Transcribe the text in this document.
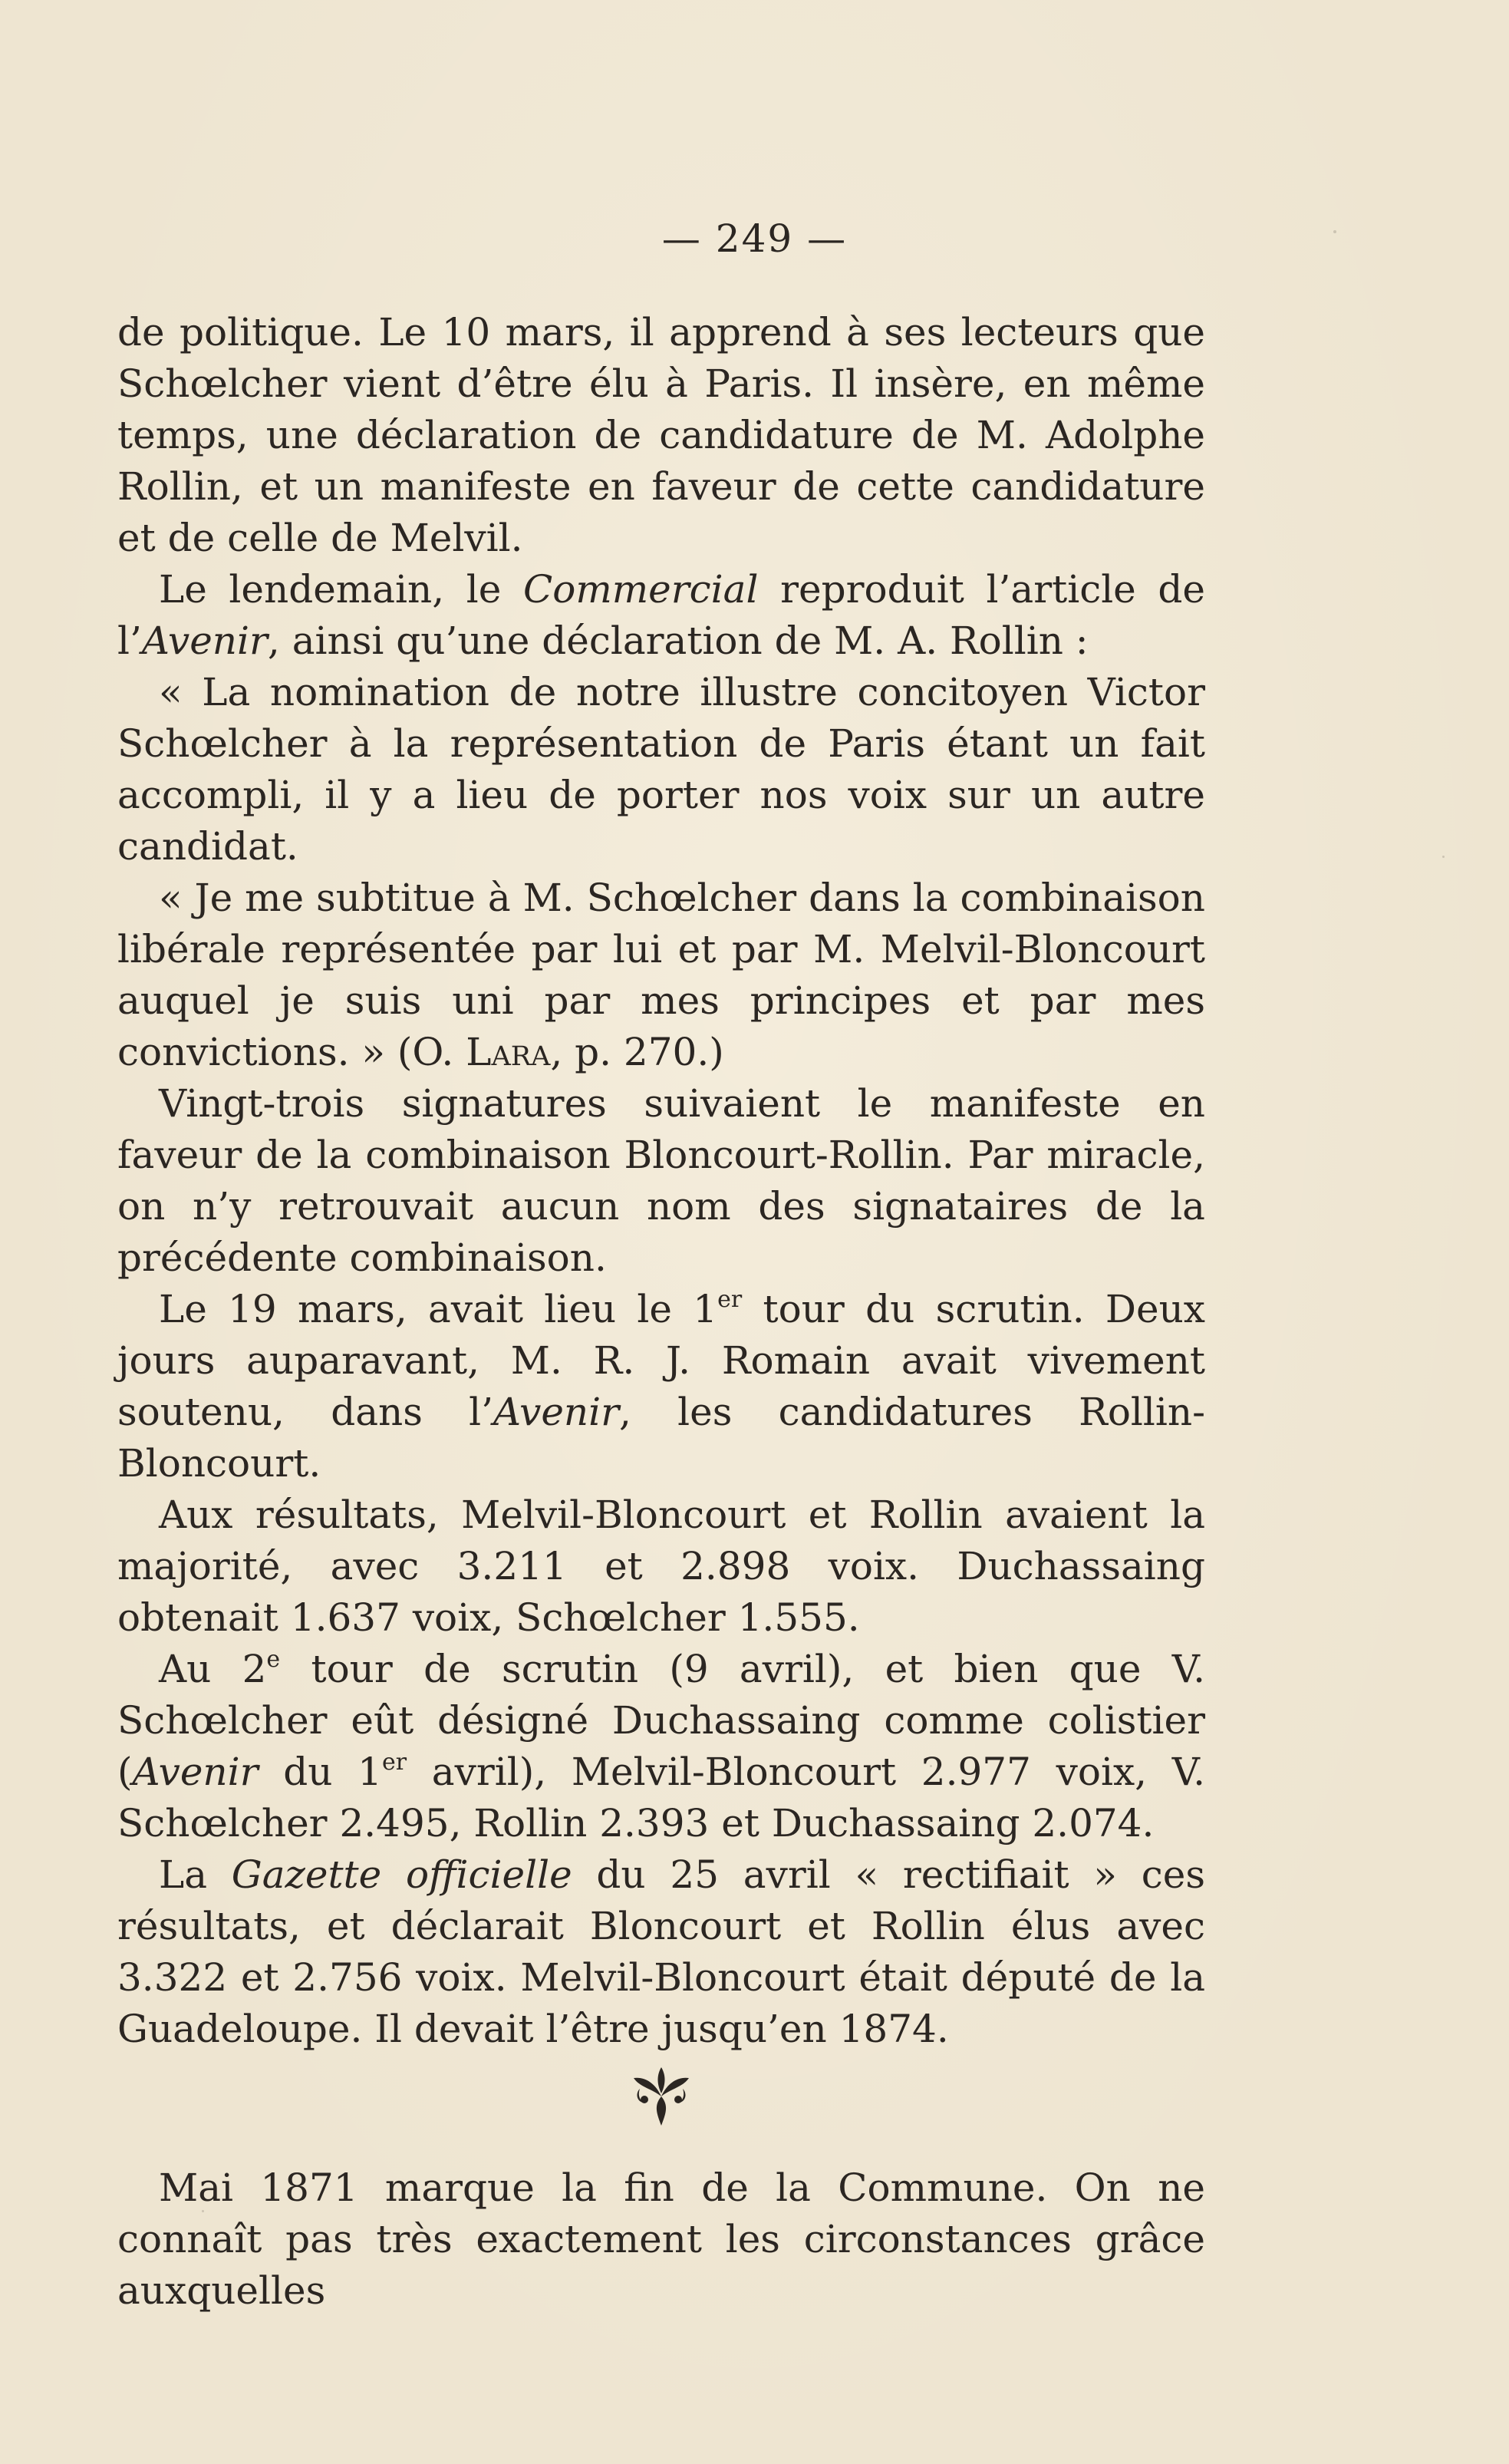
— 249 —

de politique. Le 10 mars, il apprend à ses lecteurs que Schœlcher vient d’être élu à Paris. Il insère, en même temps, une déclaration de candidature de M. Adolphe Rollin, et un manifeste en faveur de cette candidature et de celle de Melvil.

Le lendemain, le Commercial reproduit l’article de l’Avenir, ainsi qu’une déclaration de M. A. Rollin :

« La nomination de notre illustre concitoyen Victor Schœlcher à la représentation de Paris étant un fait accompli, il y a lieu de porter nos voix sur un autre candidat.

« Je me subtitue à M. Schœlcher dans la combinaison libérale représentée par lui et par M. Melvil-Bloncourt auquel je suis uni par mes principes et par mes convictions. » (O. Lara, p. 270.)

Vingt-trois signatures suivaient le manifeste en faveur de la combinaison Bloncourt-Rollin. Par miracle, on n’y retrouvait aucun nom des signataires de la précédente combinaison.

Le 19 mars, avait lieu le 1er tour du scrutin. Deux jours auparavant, M. R. J. Romain avait vivement soutenu, dans l’Avenir, les candidatures Rollin-Bloncourt.

Aux résultats, Melvil-Bloncourt et Rollin avaient la majorité, avec 3.211 et 2.898 voix. Duchassaing obtenait 1.637 voix, Schœlcher 1.555.

Au 2e tour de scrutin (9 avril), et bien que V. Schœlcher eût désigné Duchassaing comme colistier (Avenir du 1er avril), Melvil-Bloncourt 2.977 voix, V. Schœlcher 2.495, Rollin 2.393 et Duchassaing 2.074.

La Gazette officielle du 25 avril « rectifiait » ces résultats, et déclarait Bloncourt et Rollin élus avec 3.322 et 2.756 voix. Melvil-Bloncourt était député de la Guadeloupe. Il devait l’être jusqu’en 1874.

Mai 1871 marque la fin de la Commune. On ne connaît pas très exactement les circonstances grâce auxquelles
